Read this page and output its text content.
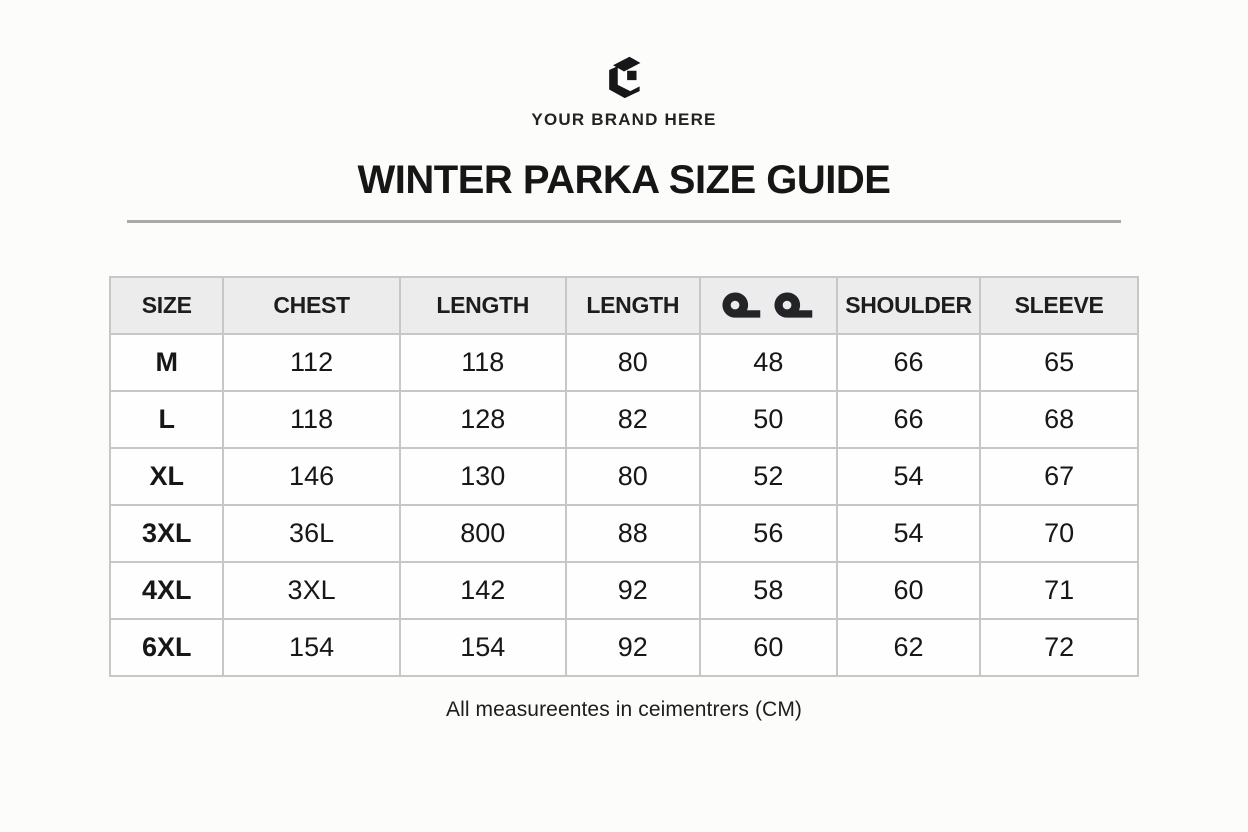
YOUR BRAND HERE
WINTER PARKA SIZE GUIDE
SIZE	CHEST	LENGTH	LENGTH		SHOULDER	SLEEVE
M	112	118	80	48	66	65
L	118	128	82	50	66	68
XL	146	130	80	52	54	67
3XL	36L	800	88	56	54	70
4XL	3XL	142	92	58	60	71
6XL	154	154	92	60	62	72
All measureentes in ceimentrers (CM)
